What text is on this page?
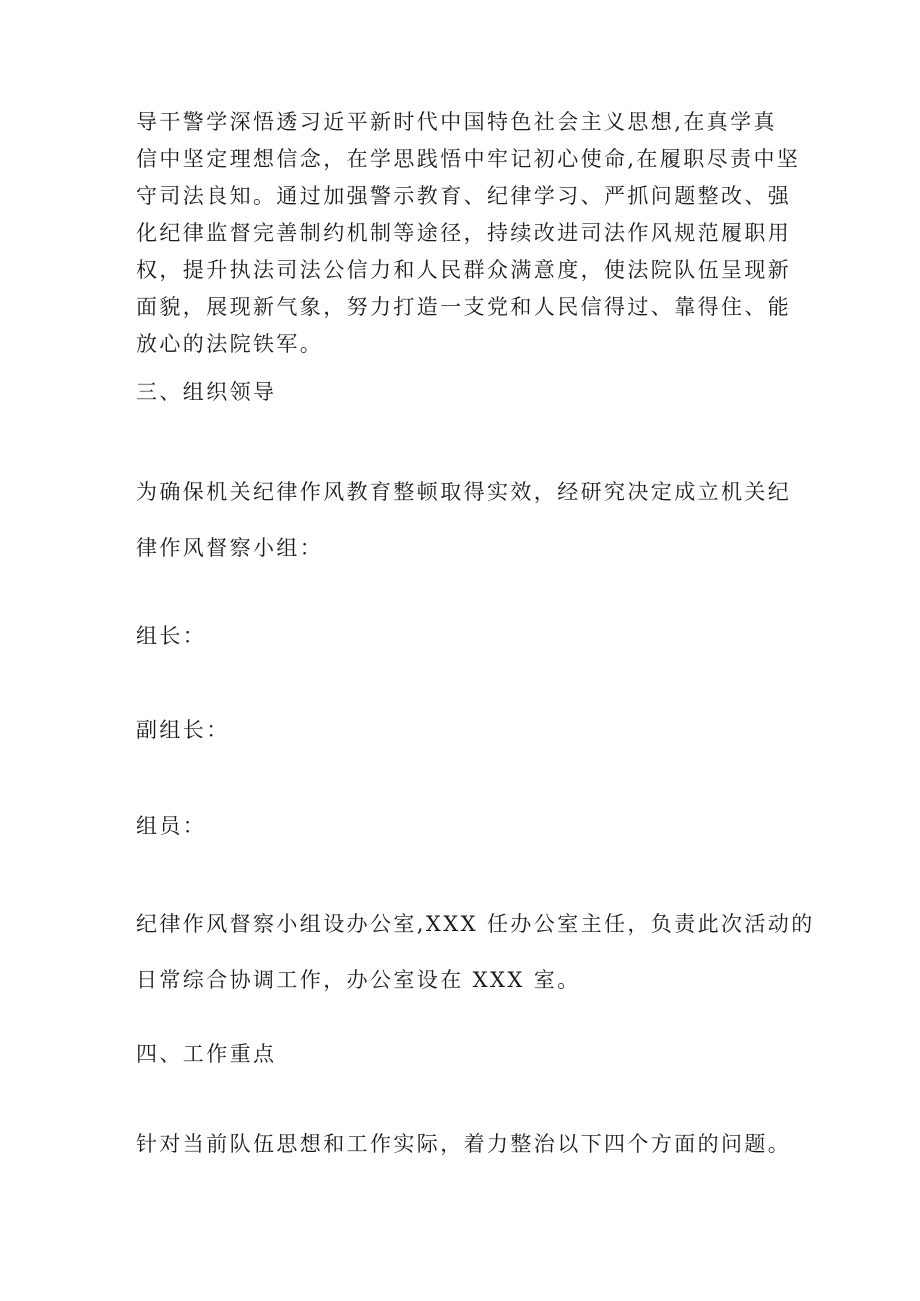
导干警学深悟透习近平新时代中国特色社会主义思想,在真学真
信中坚定理想信念，在学思践悟中牢记初心使命,在履职尽责中坚
守司法良知。通过加强警示教育、纪律学习、严抓问题整改、强
化纪律监督完善制约机制等途径，持续改进司法作风规范履职用
权，提升执法司法公信力和人民群众满意度，使法院队伍呈现新
面貌，展现新气象，努力打造一支党和人民信得过、靠得住、能
放心的法院铁军。

三、组织领导

为确保机关纪律作风教育整顿取得实效，经研究决定成立机关纪
律作风督察小组：

组长：

副组长：

组员：

纪律作风督察小组设办公室,XXX 任办公室主任，负责此次活动的
日常综合协调工作，办公室设在 XXX 室。

四、工作重点

针对当前队伍思想和工作实际，着力整治以下四个方面的问题。
